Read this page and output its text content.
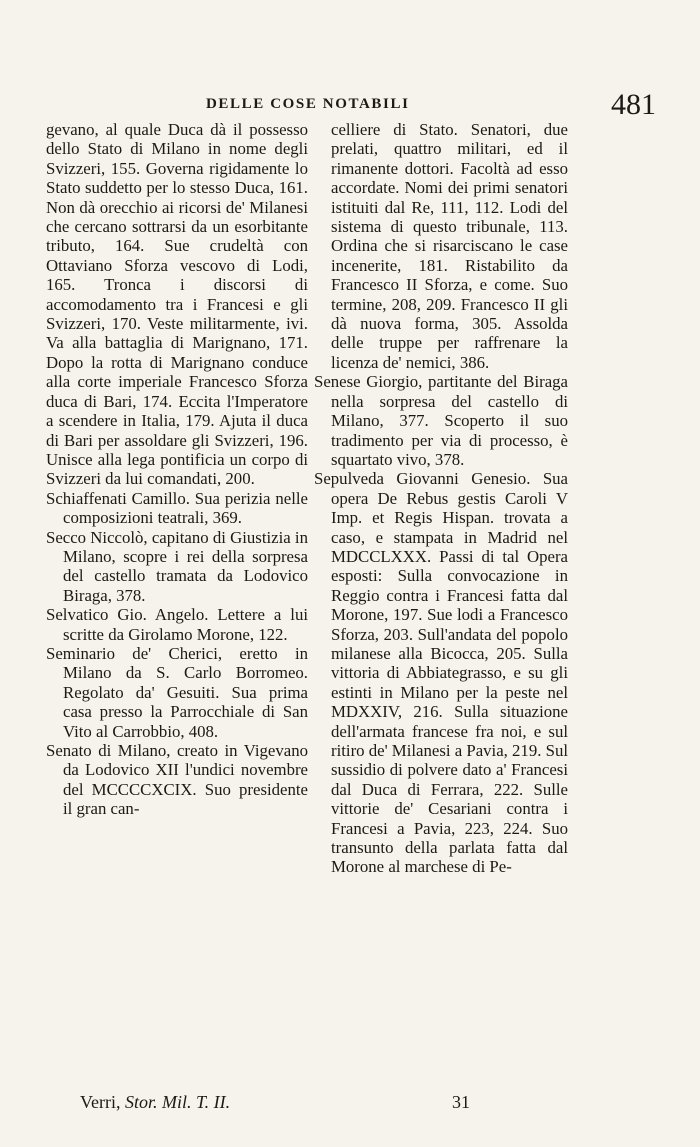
DELLE COSE NOTABILI	481

gevano, al quale Duca dà il possesso dello Stato di Milano in nome degli Svizzeri, 155. Governa rigidamente lo Stato suddetto per lo stesso Duca, 161. Non dà orecchio ai ricorsi de' Milanesi che cercano sottrarsi da un esorbitante tributo, 164. Sue crudeltà con Ottaviano Sforza vescovo di Lodi, 165. Tronca i discorsi di accomodamento tra i Francesi e gli Svizzeri, 170. Veste militarmente, ivi. Va alla battaglia di Marignano, 171. Dopo la rotta di Marignano conduce alla corte imperiale Francesco Sforza duca di Bari, 174. Eccita l'Imperatore a scendere in Italia, 179. Ajuta il duca di Bari per assoldare gli Svizzeri, 196. Unisce alla lega pontificia un corpo di Svizzeri da lui comandati, 200.

Schiaffenati Camillo. Sua perizia nelle composizioni teatrali, 369.

Secco Niccolò, capitano di Giustizia in Milano, scopre i rei della sorpresa del castello tramata da Lodovico Biraga, 378.

Selvatico Gio. Angelo. Lettere a lui scritte da Girolamo Morone, 122.

Seminario de' Cherici, eretto in Milano da S. Carlo Borromeo. Regolato da' Gesuiti. Sua prima casa presso la Parrocchiale di San Vito al Carrobbio, 408.

Senato di Milano, creato in Vigevano da Lodovico XII l'undici novembre del MCCCCXCIX. Suo presidente il gran can-

celliere di Stato. Senatori, due prelati, quattro militari, ed il rimanente dottori. Facoltà ad esso accordate. Nomi dei primi senatori istituiti dal Re, 111, 112. Lodi del sistema di questo tribunale, 113. Ordina che si risarciscano le case incenerite, 181. Ristabilito da Francesco II Sforza, e come. Suo termine, 208, 209. Francesco II gli dà nuova forma, 305. Assolda delle truppe per raffrenare la licenza de' nemici, 386.

Senese Giorgio, partitante del Biraga nella sorpresa del castello di Milano, 377. Scoperto il suo tradimento per via di processo, è squartato vivo, 378.

Sepulveda Giovanni Genesio. Sua opera De Rebus gestis Caroli V Imp. et Regis Hispan. trovata a caso, e stampata in Madrid nel MDCCLXXX. Passi di tal Opera esposti: Sulla convocazione in Reggio contra i Francesi fatta dal Morone, 197. Sue lodi a Francesco Sforza, 203. Sull'andata del popolo milanese alla Bicocca, 205. Sulla vittoria di Abbiategrasso, e su gli estinti in Milano per la peste nel MDXXIV, 216. Sulla situazione dell'armata francese fra noi, e sul ritiro de' Milanesi a Pavia, 219. Sul sussidio di polvere dato a' Francesi dal Duca di Ferrara, 222. Sulle vittorie de' Cesariani contra i Francesi a Pavia, 223, 224. Suo transunto della parlata fatta dal Morone al marchese di Pe-

Verri, Stor. Mil. T. II.	31
